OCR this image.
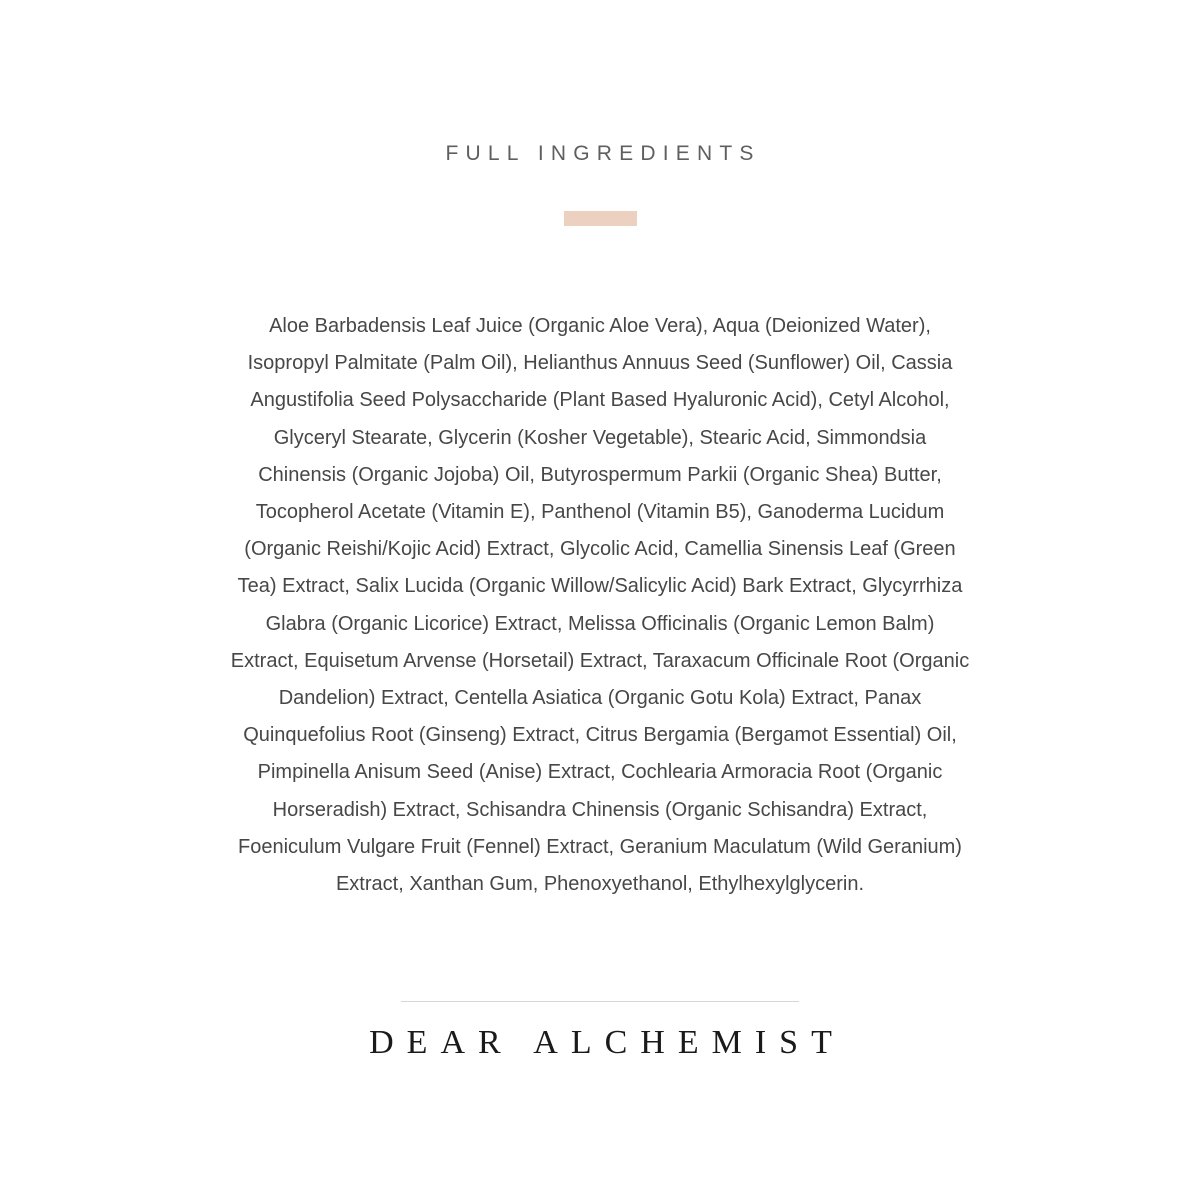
FULL INGREDIENTS

Aloe Barbadensis Leaf Juice (Organic Aloe Vera), Aqua (Deionized Water), Isopropyl Palmitate (Palm Oil), Helianthus Annuus Seed (Sunflower) Oil, Cassia Angustifolia Seed Polysaccharide (Plant Based Hyaluronic Acid), Cetyl Alcohol, Glyceryl Stearate, Glycerin (Kosher Vegetable), Stearic Acid, Simmondsia Chinensis (Organic Jojoba) Oil, Butyrospermum Parkii (Organic Shea) Butter, Tocopherol Acetate (Vitamin E), Panthenol (Vitamin B5), Ganoderma Lucidum (Organic Reishi/Kojic Acid) Extract, Glycolic Acid, Camellia Sinensis Leaf (Green Tea) Extract, Salix Lucida (Organic Willow/Salicylic Acid) Bark Extract, Glycyrrhiza Glabra (Organic Licorice) Extract, Melissa Officinalis (Organic Lemon Balm) Extract, Equisetum Arvense (Horsetail) Extract, Taraxacum Officinale Root (Organic Dandelion) Extract, Centella Asiatica (Organic Gotu Kola) Extract, Panax Quinquefolius Root (Ginseng) Extract, Citrus Bergamia (Bergamot Essential) Oil, Pimpinella Anisum Seed (Anise) Extract, Cochlearia Armoracia Root (Organic Horseradish) Extract, Schisandra Chinensis (Organic Schisandra) Extract, Foeniculum Vulgare Fruit (Fennel) Extract, Geranium Maculatum (Wild Geranium) Extract, Xanthan Gum, Phenoxyethanol, Ethylhexylglycerin.

DEAR ALCHEMIST
